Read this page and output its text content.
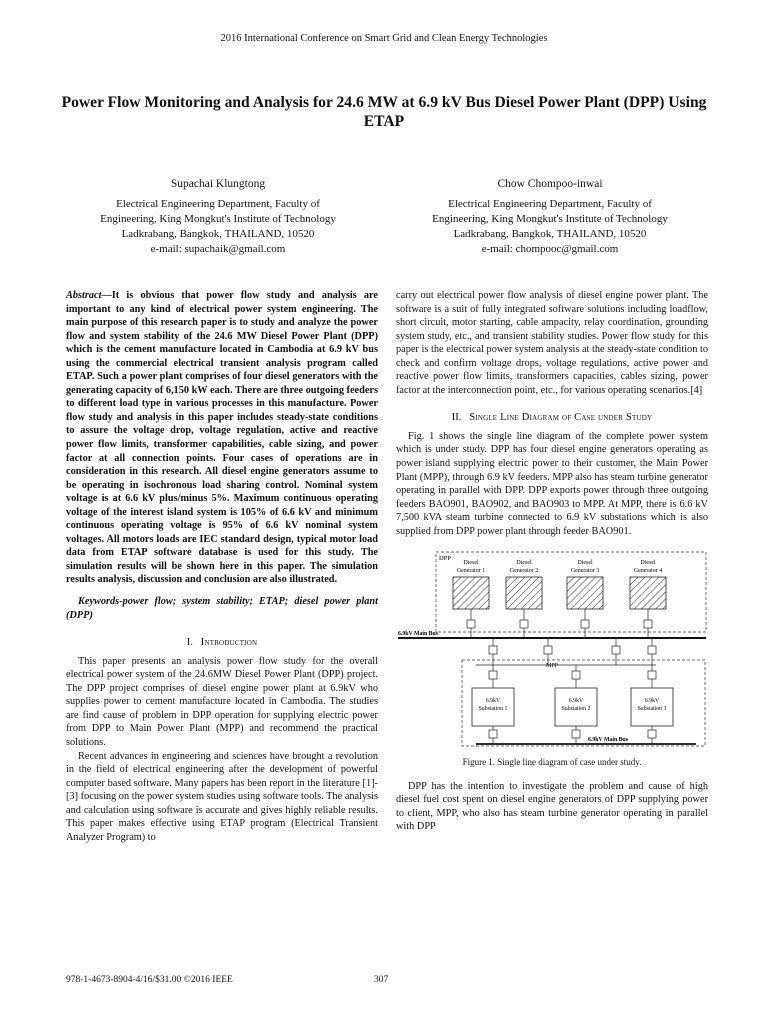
2016 International Conference on Smart Grid and Clean Energy Technologies
Power Flow Monitoring and Analysis for 24.6 MW at 6.9 kV Bus Diesel Power Plant (DPP) Using ETAP
Supachai Klungtong
Electrical Engineering Department, Faculty of
Engineering, King Mongkut's Institute of Technology
Ladkrabang, Bangkok, THAILAND, 10520
e-mail: supachaik@gmail.com
Chow Chompoo-inwai
Electrical Engineering Department, Faculty of
Engineering, King Mongkut's Institute of Technology
Ladkrabang, Bangkok, THAILAND, 10520
e-mail: chompooc@gmail.com

Abstract—It is obvious that power flow study and analysis are important to any kind of electrical power system engineering. The main purpose of this research paper is to study and analyze the power flow and system stability of the 24.6 MW Diesel Power Plant (DPP) which is the cement manufacture located in Cambodia at 6.9 kV bus using the commercial electrical transient analysis program called ETAP. Such a power plant comprises of four diesel generators with the generating capacity of 6,150 kW each. There are three outgoing feeders to different load type in various processes in this manufacture. Power flow study and analysis in this paper includes steady-state conditions to assure the voltage drop, voltage regulation, active and reactive power flow limits, transformer capabilities, cable sizing, and power factor at all connection points. Four cases of operations are in consideration in this research. All diesel engine generators assume to be operating in isochronous load sharing control. Nominal system voltage is at 6.6 kV plus/minus 5%. Maximum continuous operating voltage of the interest island system is 105% of 6.6 kV and minimum continuous operating voltage is 95% of 6.6 kV nominal system voltages. All motors loads are IEC standard design, typical motor load data from ETAP software database is used for this study. The simulation results will be shown here in this paper. The simulation results analysis, discussion and conclusion are also illustrated.

Keywords-power flow; system stability; ETAP; diesel power plant (DPP)

I. Introduction

This paper presents an analysis power flow study for the overall electrical power system of the 24.6MW Diesel Power Plant (DPP) project. The DPP project comprises of diesel engine power plant at 6.9kV who supplies power to cement manufacture located in Cambodia. The studies are find cause of problem in DPP operation for supplying electric power from DPP to Main Power Plant (MPP) and recommend the practical solutions.

Recent advances in engineering and sciences have brought a revolution in the field of electrical engineering after the development of powerful computer based software. Many papers has been report in the literature [1]-[3] focusing on the power system studies using software tools. The analysis and calculation using software is accurate and gives highly reliable results. This paper makes effective using ETAP program (Electrical Transient Analyzer Program) to

carry out electrical power flow analysis of diesel engine power plant. The software is a suit of fully integrated software solutions including loadflow, short circuit, motor starting, cable ampacity, relay coordination, grounding system study, etc., and transient stability studies. Power flow study for this paper is the electrical power system analysis at the steady-state condition to check and confirm voltage drops, voltage regulations, active power and reactive power flow limits, transformers capacities, cables sizing, power factor at the interconnection point, etc., for various operating scenarios.[4]

II. Single Line Diagram of Case under Study

Fig. 1 shows the single line diagram of the complete power system which is under study. DPP has four diesel engine generators operating as power island supplying electric power to their customer, the Main Power Plant (MPP), through 6.9 kV feeders. MPP also has steam turbine generator operating in parallel with DPP. DPP exports power through three outgoing feeders BAO901, BAO902, and BAO903 to MPP. At MPP, there is 6.6 kV 7,500 kVA steam turbine connected to 6.9 kV substations which is also supplied from DPP power plant through feeder BAO901.

DPP
Diesel
Generator 1
Diesel
Generator 2
Diesel
Generator 3
Diesel
Generator 4
6.9kV Main Bus
MPP
6.9kV
Substation 1
6.9kV
Substation 2
6.9kV
Substation 3
6.9kV Main Bus

Figure 1. Single line diagram of case under study.

DPP has the intention to investigate the problem and cause of high diesel fuel cost spent on diesel engine generators of DPP supplying power to client, MPP, who also has steam turbine generator operating in parallel with DPP

978-1-4673-8904-4/16/$31.00 ©2016 IEEE	307
